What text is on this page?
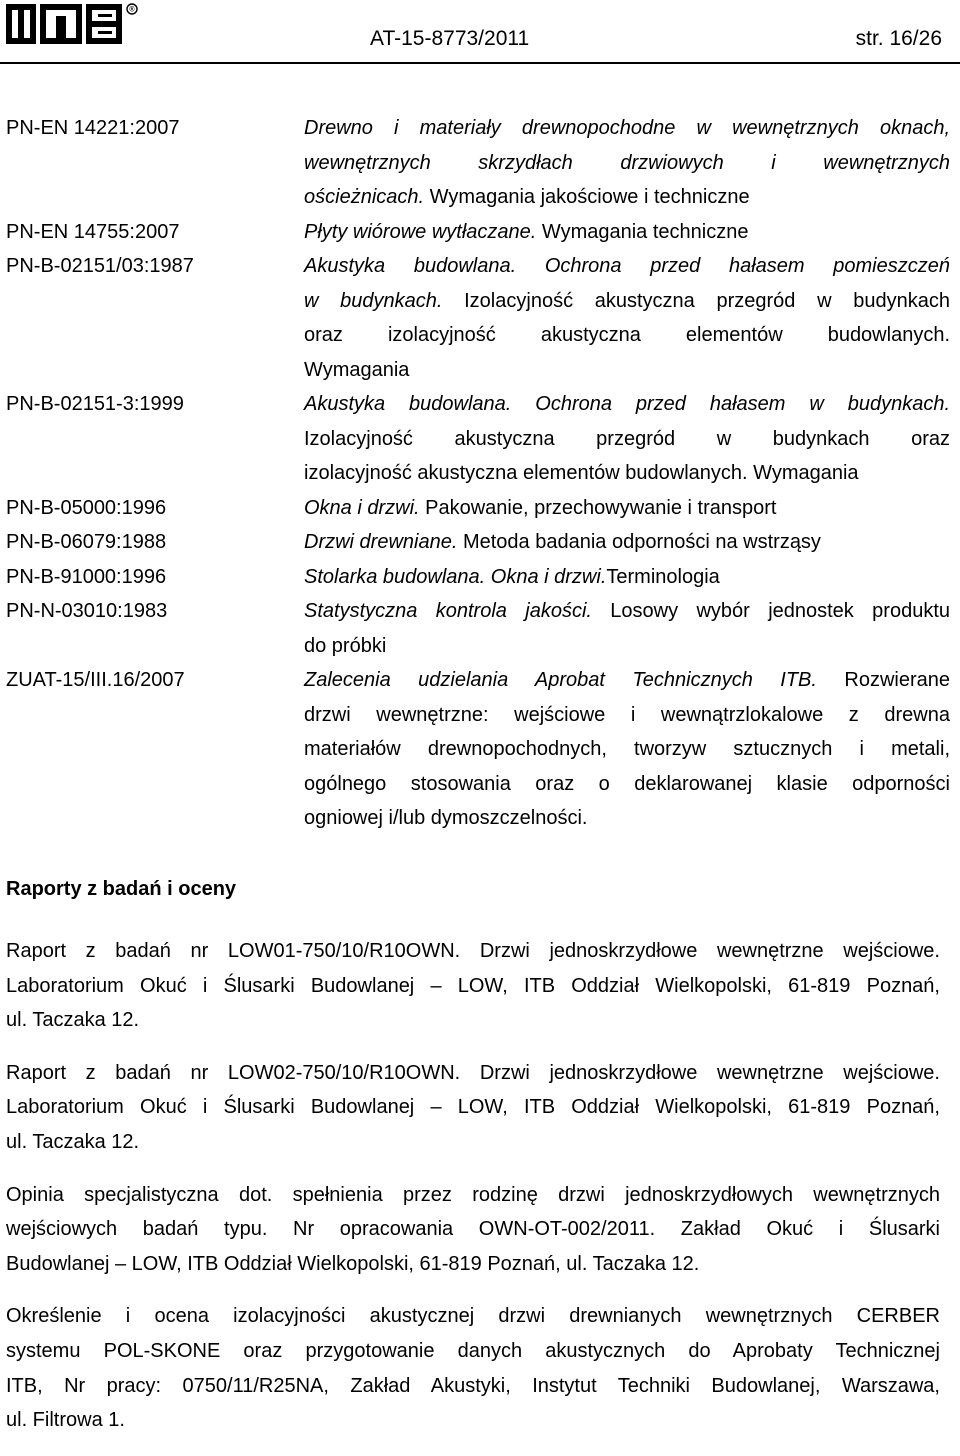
®
AT-15-8773/2011	str. 16/26
PN-EN 14221:2007	Drewno i materiały drewnopochodne w wewnętrznych oknach,
wewnętrznych skrzydłach drzwiowych i wewnętrznych
ościeżnicach. Wymagania jakościowe i techniczne
PN-EN 14755:2007	Płyty wiórowe wytłaczane. Wymagania techniczne
PN-B-02151/03:1987	Akustyka budowlana. Ochrona przed hałasem pomieszczeń
w budynkach. Izolacyjność akustyczna przegród w budynkach
oraz izolacyjność akustyczna elementów budowlanych.
Wymagania
PN-B-02151-3:1999	Akustyka budowlana. Ochrona przed hałasem w budynkach.
Izolacyjność akustyczna przegród w budynkach oraz
izolacyjność akustyczna elementów budowlanych. Wymagania
PN-B-05000:1996	Okna i drzwi. Pakowanie, przechowywanie i transport
PN-B-06079:1988	Drzwi drewniane. Metoda badania odporności na wstrząsy
PN-B-91000:1996	Stolarka budowlana. Okna i drzwi.Terminologia
PN-N-03010:1983	Statystyczna kontrola jakości. Losowy wybór jednostek produktu
do próbki
ZUAT-15/III.16/2007	Zalecenia udzielania Aprobat Technicznych ITB. Rozwierane
drzwi wewnętrzne: wejściowe i wewnątrzlokalowe z drewna
materiałów drewnopochodnych, tworzyw sztucznych i metali,
ogólnego stosowania oraz o deklarowanej klasie odporności
ogniowej i/lub dymoszczelności.
Raporty z badań i oceny
Raport z badań nr LOW01-750/10/R10OWN. Drzwi jednoskrzydłowe wewnętrzne wejściowe.
Laboratorium Okuć i Ślusarki Budowlanej – LOW, ITB Oddział Wielkopolski, 61-819 Poznań,
ul. Taczaka 12.
Raport z badań nr LOW02-750/10/R10OWN. Drzwi jednoskrzydłowe wewnętrzne wejściowe.
Laboratorium Okuć i Ślusarki Budowlanej – LOW, ITB Oddział Wielkopolski, 61-819 Poznań,
ul. Taczaka 12.
Opinia specjalistyczna dot. spełnienia przez rodzinę drzwi jednoskrzydłowych wewnętrznych
wejściowych badań typu. Nr opracowania OWN-OT-002/2011. Zakład Okuć i Ślusarki
Budowlanej – LOW, ITB Oddział Wielkopolski, 61-819 Poznań, ul. Taczaka 12.
Określenie i ocena izolacyjności akustycznej drzwi drewnianych wewnętrznych CERBER
systemu POL-SKONE oraz przygotowanie danych akustycznych do Aprobaty Technicznej
ITB, Nr pracy: 0750/11/R25NA, Zakład Akustyki, Instytut Techniki Budowlanej, Warszawa,
ul. Filtrowa 1.
